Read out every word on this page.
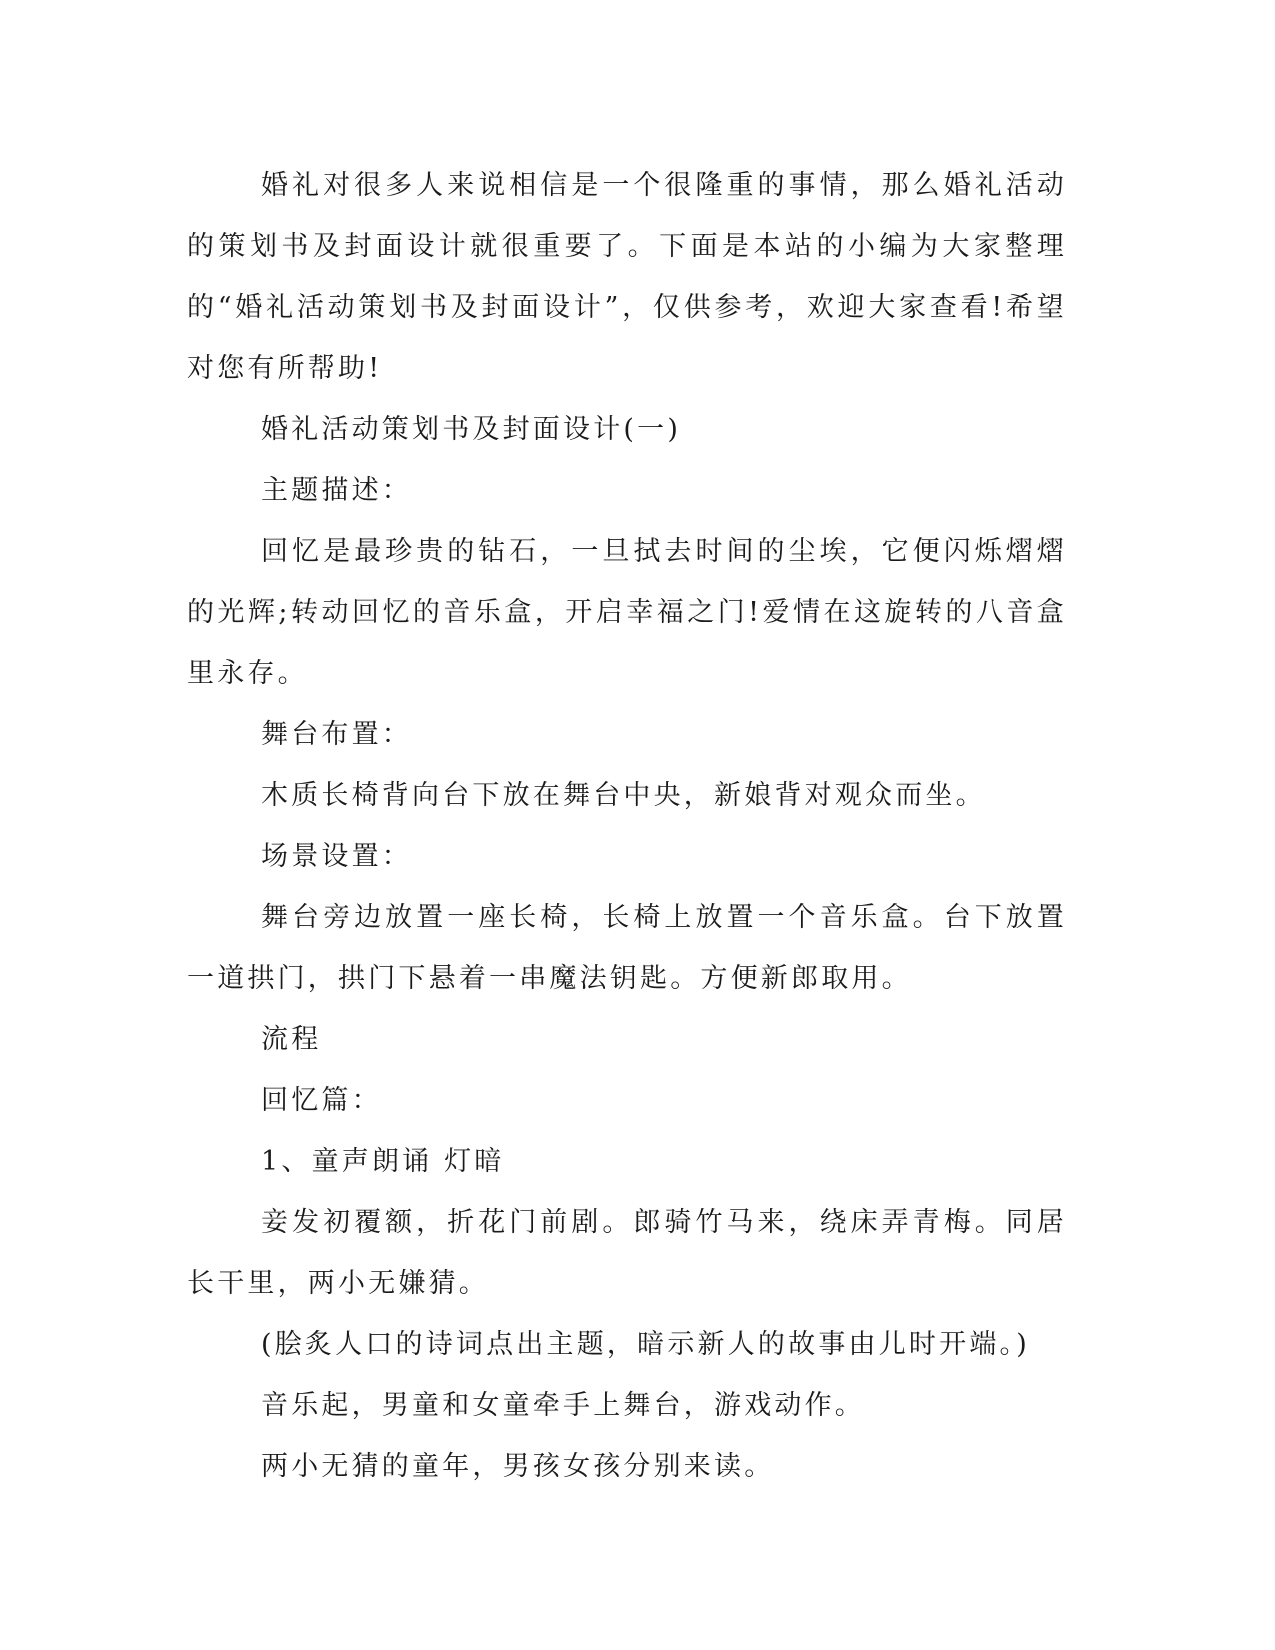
婚礼对很多人来说相信是一个很隆重的事情，那么婚礼活动的策划书及封面设计就很重要了。下面是本站的小编为大家整理的“婚礼活动策划书及封面设计”，仅供参考，欢迎大家查看!希望对您有所帮助!

婚礼活动策划书及封面设计(一)

主题描述：

回忆是最珍贵的钻石，一旦拭去时间的尘埃，它便闪烁熠熠的光辉;转动回忆的音乐盒，开启幸福之门!爱情在这旋转的八音盒里永存。

舞台布置：

木质长椅背向台下放在舞台中央，新娘背对观众而坐。

场景设置：

舞台旁边放置一座长椅，长椅上放置一个音乐盒。台下放置一道拱门，拱门下悬着一串魔法钥匙。方便新郎取用。

流程

回忆篇：

1、童声朗诵 灯暗

妾发初覆额，折花门前剧。郎骑竹马来，绕床弄青梅。同居长干里，两小无嫌猜。

(脍炙人口的诗词点出主题，暗示新人的故事由儿时开端。)

音乐起，男童和女童牵手上舞台，游戏动作。

两小无猜的童年，男孩女孩分别来读。
